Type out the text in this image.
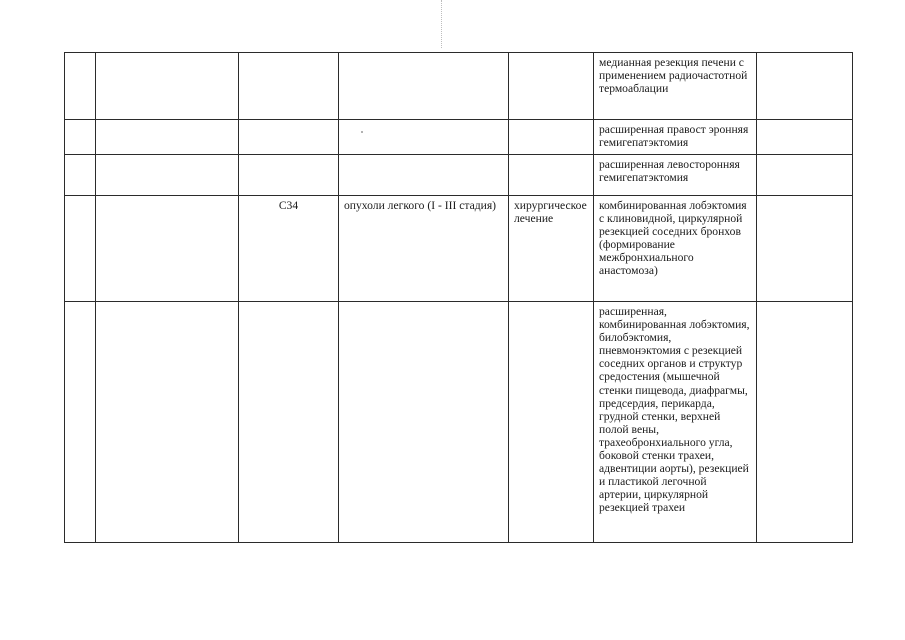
					медианная резекция печени с применением радиочастотной термоаблации	
					расширенная правост эронняя гемигепатэктомия	
					расширенная левосторонняя гемигепатэктомия	
		C34	опухоли легкого (I - III стадия)	хирургическое лечение	комбинированная лобэктомия с клиновидной, циркулярной резекцией соседних бронхов (формирование межбронхиального анастомоза)	
					расширенная, комбинированная лобэктомия, билобэктомия, пневмонэктомия с резекцией соседних органов и структур средостения (мышечной стенки пищевода, диафрагмы, предсердия, перикарда, грудной стенки, верхней полой вены, трахеобронхиального угла, боковой стенки трахеи, адвентиции аорты), резекцией и пластикой легочной артерии, циркулярной резекцией трахеи	
